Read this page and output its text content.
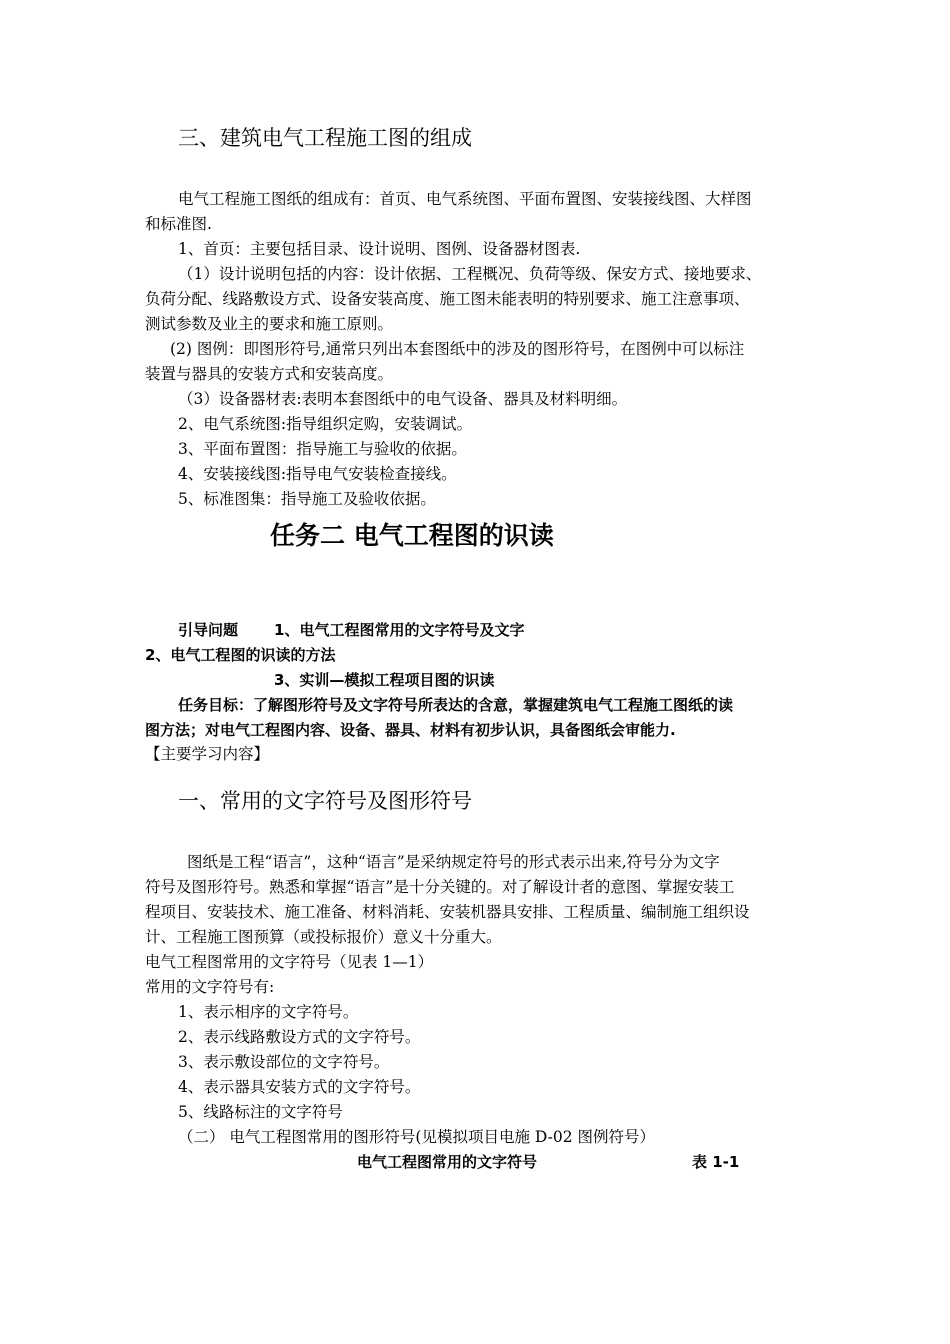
三、建筑电气工程施工图的组成
电气工程施工图纸的组成有：首页、电气系统图、平面布置图、安装接线图、大样图
和标准图.
1、首页：主要包括目录、设计说明、图例、设备器材图表.
（1）设计说明包括的内容：设计依据、工程概况、负荷等级、保安方式、接地要求、
负荷分配、线路敷设方式、设备安装高度、施工图未能表明的特别要求、施工注意事项、
测试参数及业主的要求和施工原则。
(2) 图例：即图形符号,通常只列出本套图纸中的涉及的图形符号，在图例中可以标注
装置与器具的安装方式和安装高度。
（3）设备器材表:表明本套图纸中的电气设备、器具及材料明细。
2、电气系统图:指导组织定购，安装调试。
3、平面布置图：指导施工与验收的依据。
4、安装接线图:指导电气安装检查接线。
5、标准图集：指导施工及验收依据。
任务二 电气工程图的识读
引导问题 1、电气工程图常用的文字符号及文字
2、电气工程图的识读的方法
3、实训—模拟工程项目图的识读
任务目标：了解图形符号及文字符号所表达的含意，掌握建筑电气工程施工图纸的读
图方法；对电气工程图内容、设备、器具、材料有初步认识，具备图纸会审能力.
【主要学习内容】
一、常用的文字符号及图形符号
图纸是工程“语言”，这种“语言”是采纳规定符号的形式表示出来,符号分为文字
符号及图形符号。熟悉和掌握“语言”是十分关键的。对了解设计者的意图、掌握安装工
程项目、安装技术、施工准备、材料消耗、安装机器具安排、工程质量、编制施工组织设
计、工程施工图预算（或投标报价）意义十分重大。
电气工程图常用的文字符号（见表 1—1）
常用的文字符号有:
1、表示相序的文字符号。
2、表示线路敷设方式的文字符号。
3、表示敷设部位的文字符号。
4、表示器具安装方式的文字符号。
5、线路标注的文字符号
（二） 电气工程图常用的图形符号(见模拟项目电施 D-02 图例符号）
电气工程图常用的文字符号	表 1-1
